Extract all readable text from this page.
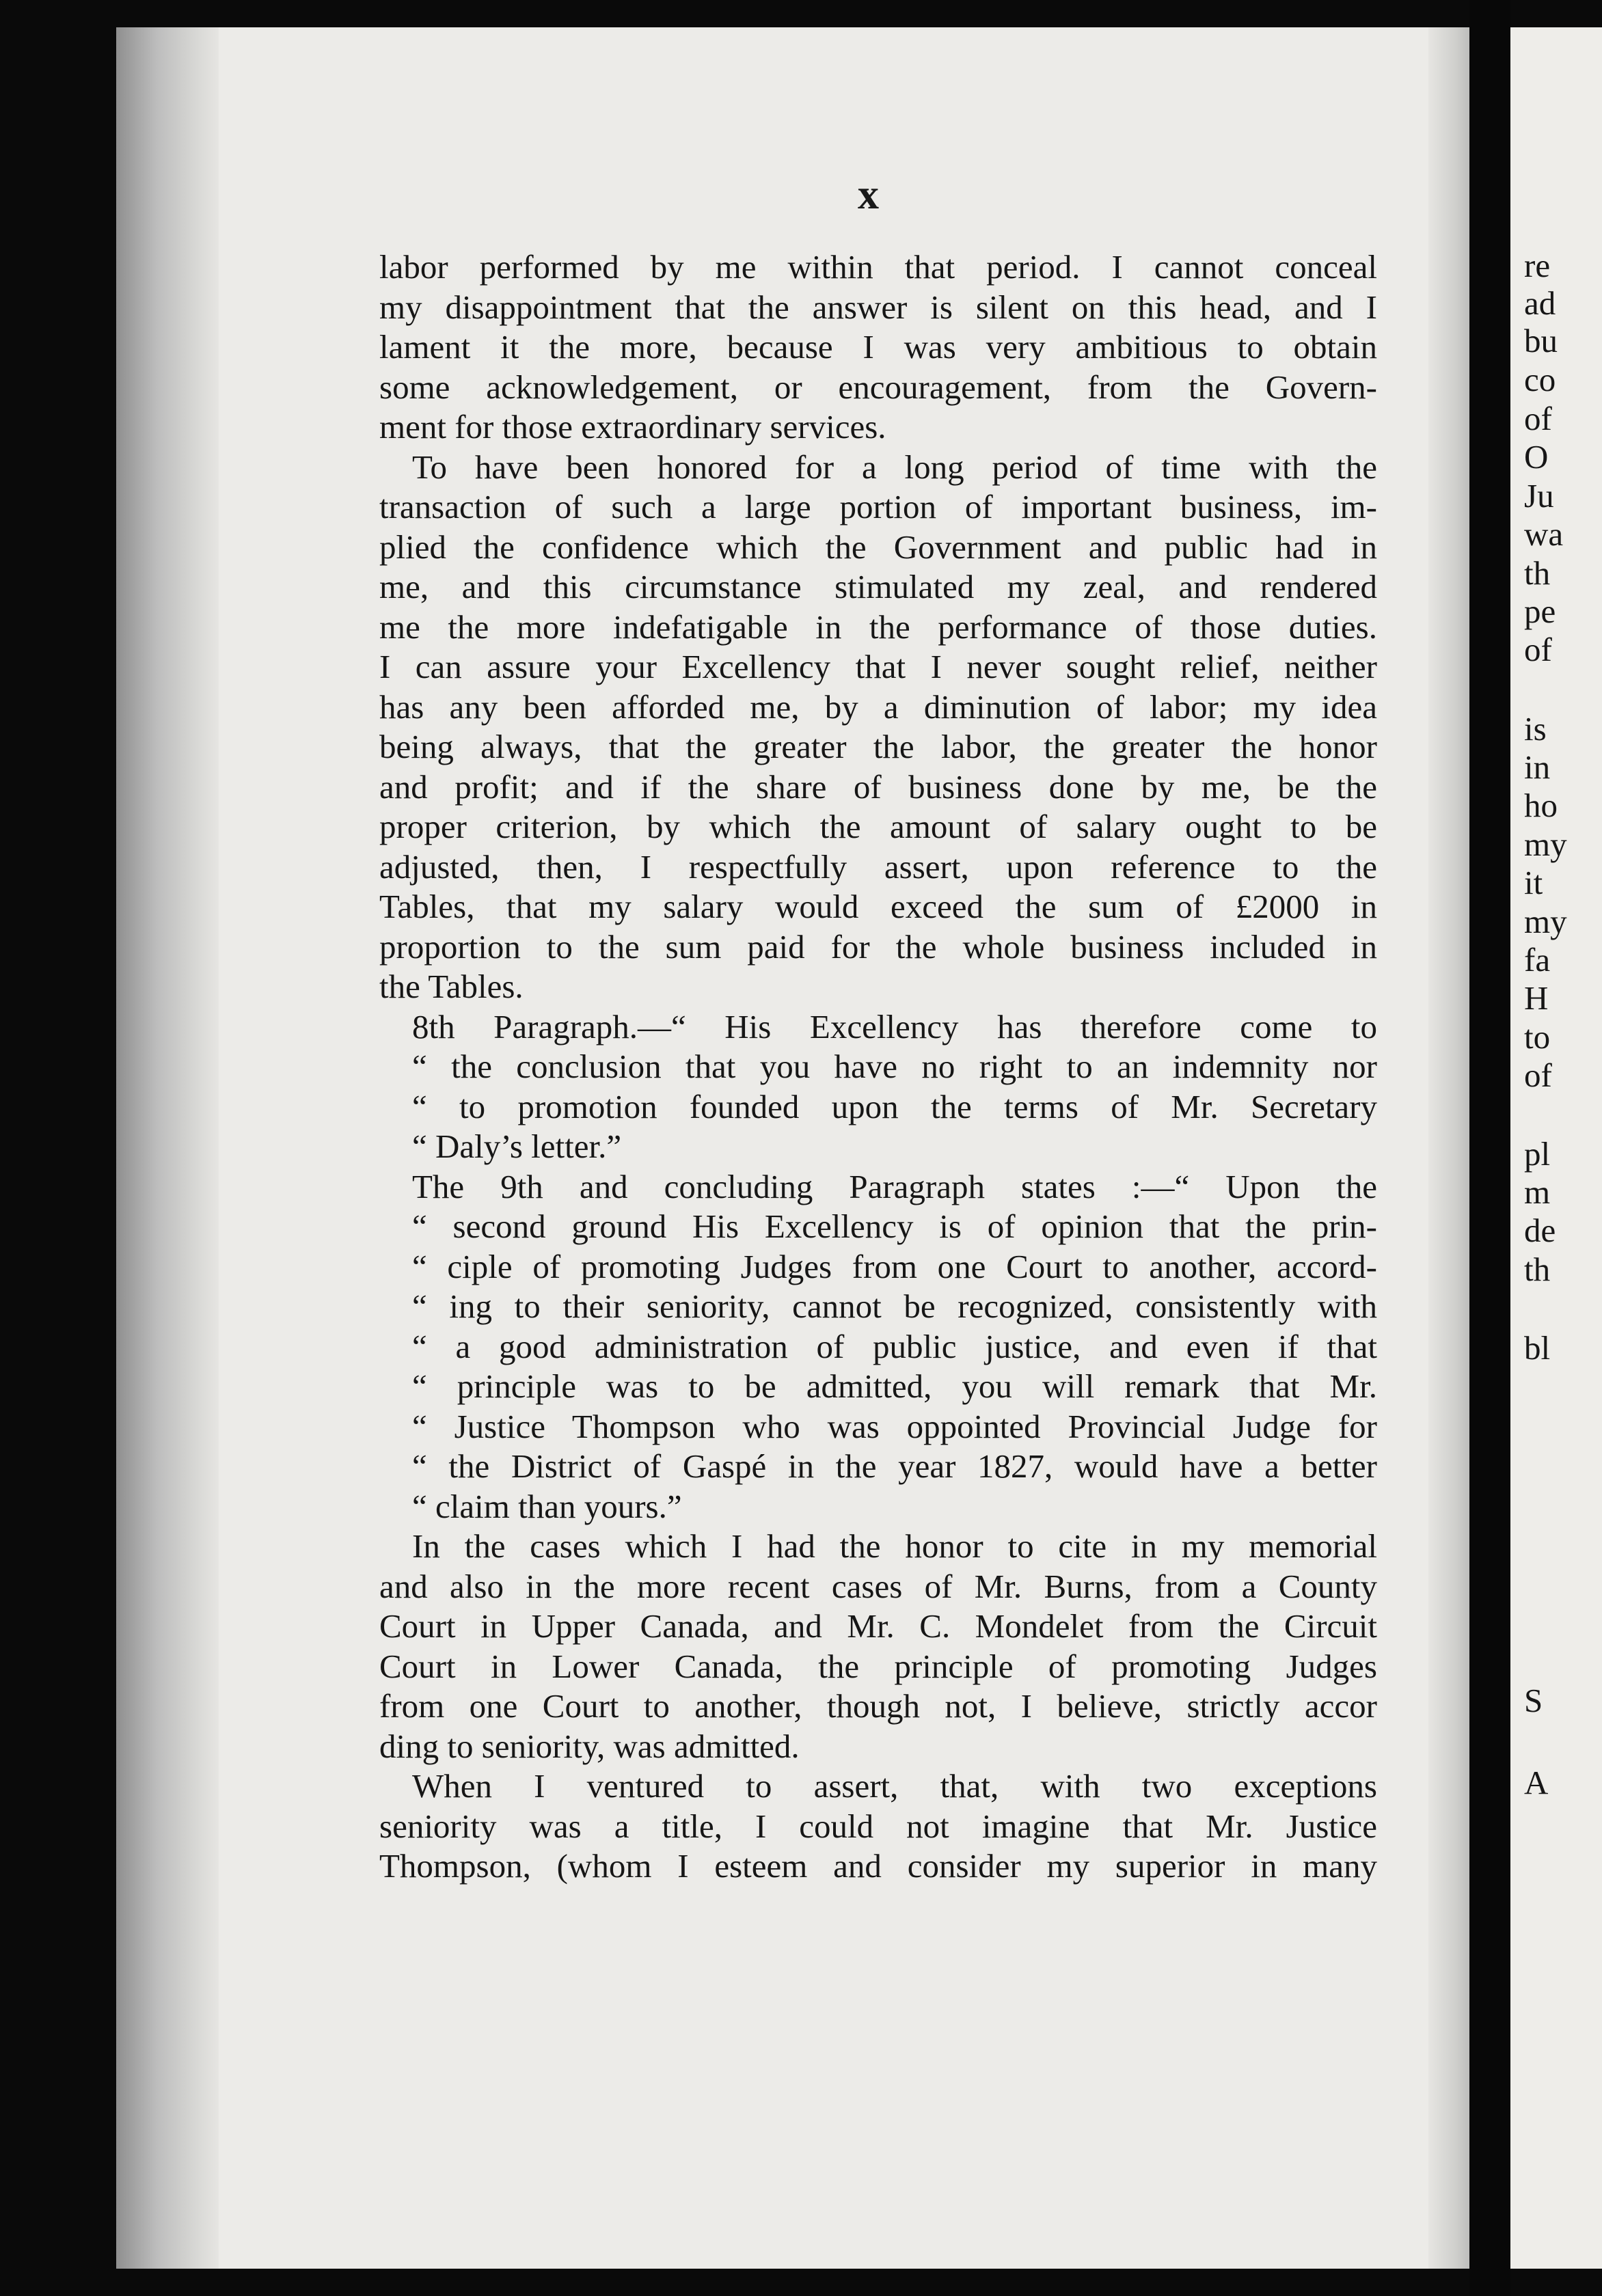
re
ad
bu
co
of
O
Ju
wa
th
pe
of
is
in
ho
my
it
my
fa
H
to
of
pl
m
de
th
bl
S
A
x
labor performed by me within that period. I cannot conceal
my disappointment that the answer is silent on this head, and I
lament it the more, because I was very ambitious to obtain
some acknowledgement, or encouragement, from the Govern-
ment for those extraordinary services.
To have been honored for a long period of time with the
transaction of such a large portion of important business, im-
plied the confidence which the Government and public had in
me, and this circumstance stimulated my zeal, and rendered
me the more indefatigable in the performance of those duties.
I can assure your Excellency that I never sought relief, neither
has any been afforded me, by a diminution of labor; my idea
being always, that the greater the labor, the greater the honor
and profit; and if the share of business done by me, be the
proper criterion, by which the amount of salary ought to be
adjusted, then, I respectfully assert, upon reference to the
Tables, that my salary would exceed the sum of £2000 in
proportion to the sum paid for the whole business included in
the Tables.
8th Paragraph.—“ His Excellency has therefore come to
“ the conclusion that you have no right to an indemnity nor
“ to promotion founded upon the terms of Mr. Secretary
“ Daly’s letter.”
The 9th and concluding Paragraph states :—“ Upon the
“ second ground His Excellency is of opinion that the prin-
“ ciple of promoting Judges from one Court to another, accord-
“ ing to their seniority, cannot be recognized, consistently with
“ a good administration of public justice, and even if that
“ principle was to be admitted, you will remark that Mr.
“ Justice Thompson who was oppointed Provincial Judge for
“ the District of Gaspé in the year 1827, would have a better
“ claim than yours.”
In the cases which I had the honor to cite in my memorial
and also in the more recent cases of Mr. Burns, from a County
Court in Upper Canada, and Mr. C. Mondelet from the Circuit
Court in Lower Canada, the principle of promoting Judges
from one Court to another, though not, I believe, strictly accor
ding to seniority, was admitted.
When I ventured to assert, that, with two exceptions
seniority was a title, I could not imagine that Mr. Justice
Thompson, (whom I esteem and consider my superior in many
